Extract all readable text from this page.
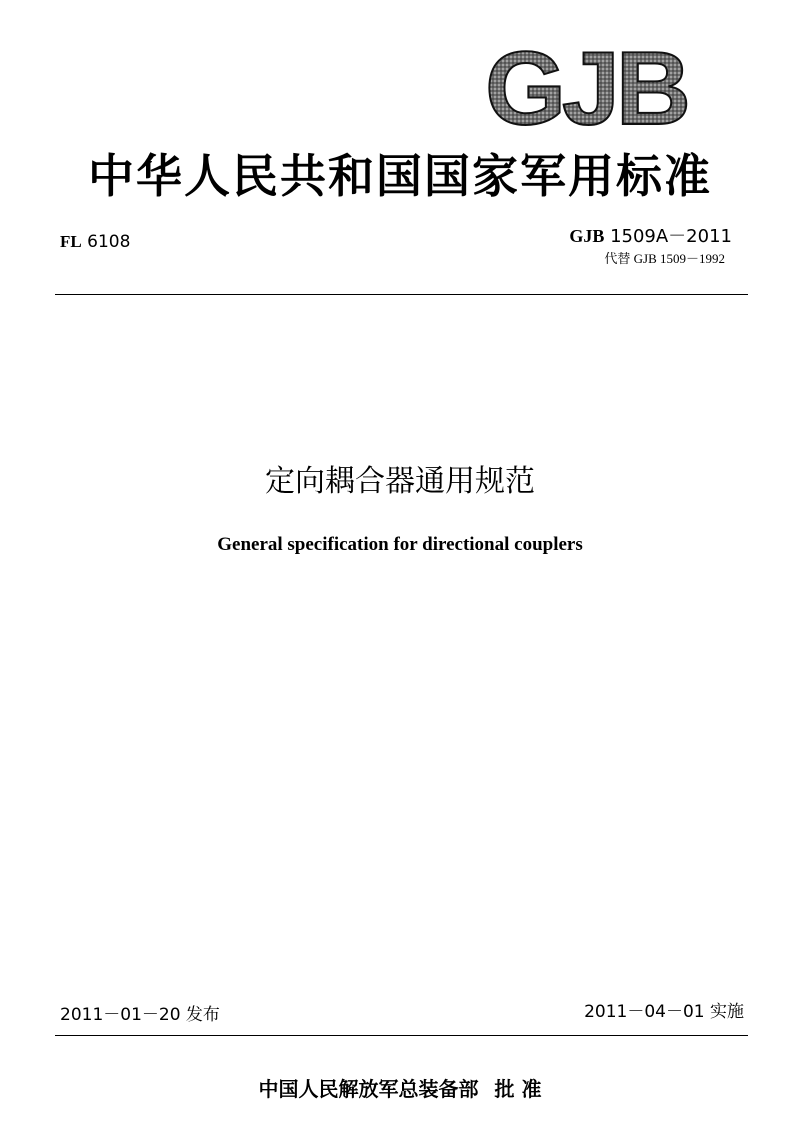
GJB
中华人民共和国国家军用标准
FL 6108	GJB 1509A－2011
代替 GJB 1509－1992
定向耦合器通用规范
General specification for directional couplers
2011－01－20 发布	2011－04－01 实施
中国人民解放军总装备部 批 准
